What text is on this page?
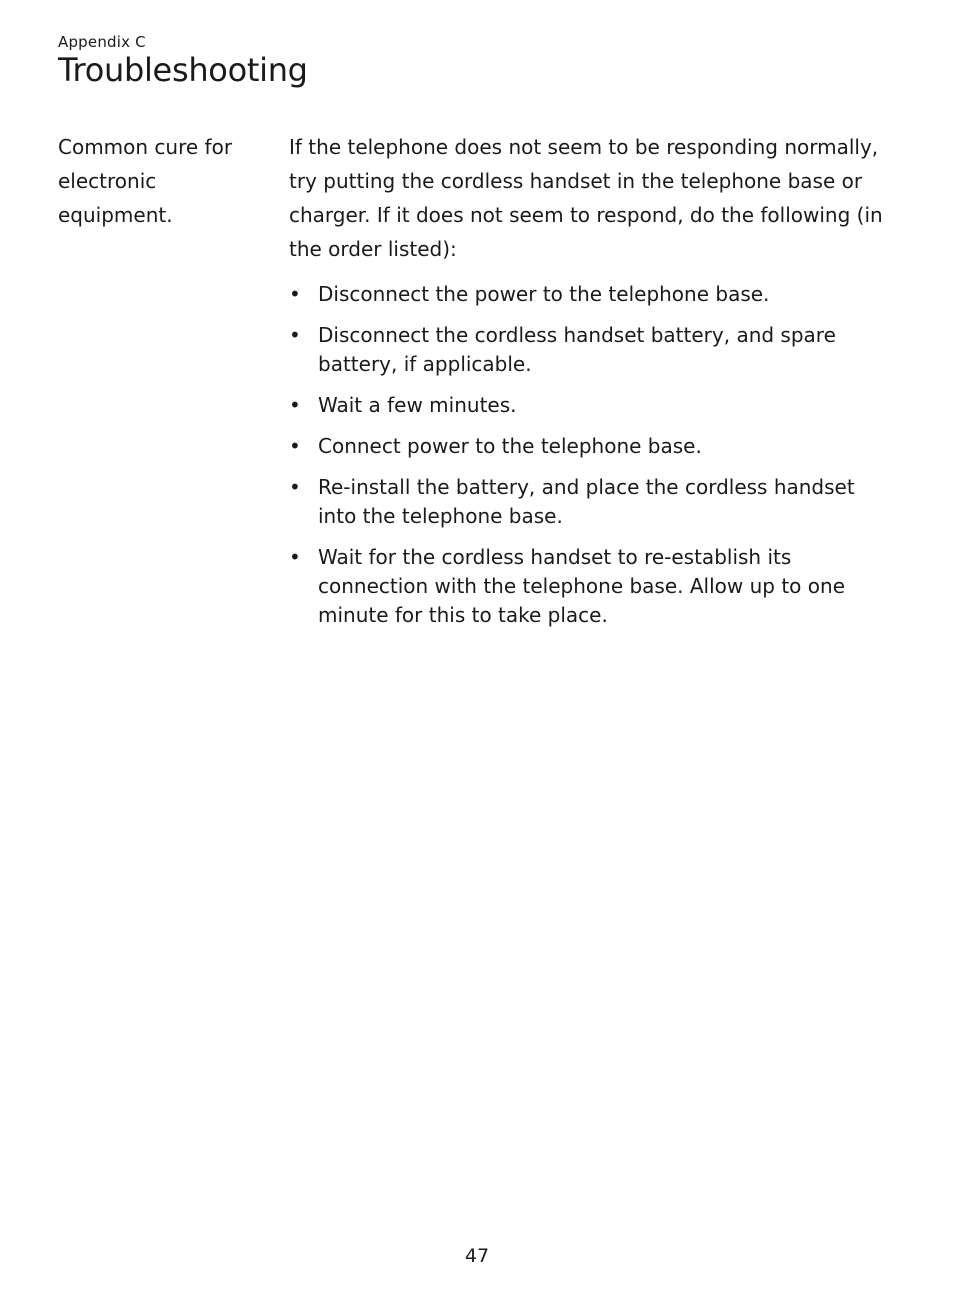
Appendix C
Troubleshooting
Common cure for electronic equipment.

If the telephone does not seem to be responding normally, try putting the cordless handset in the telephone base or charger. If it does not seem to respond, do the following (in the order listed):

• Disconnect the power to the telephone base.
• Disconnect the cordless handset battery, and spare battery, if applicable.
• Wait a few minutes.
• Connect power to the telephone base.
• Re-install the battery, and place the cordless handset into the telephone base.
• Wait for the cordless handset to re-establish its connection with the telephone base. Allow up to one minute for this to take place.
47
